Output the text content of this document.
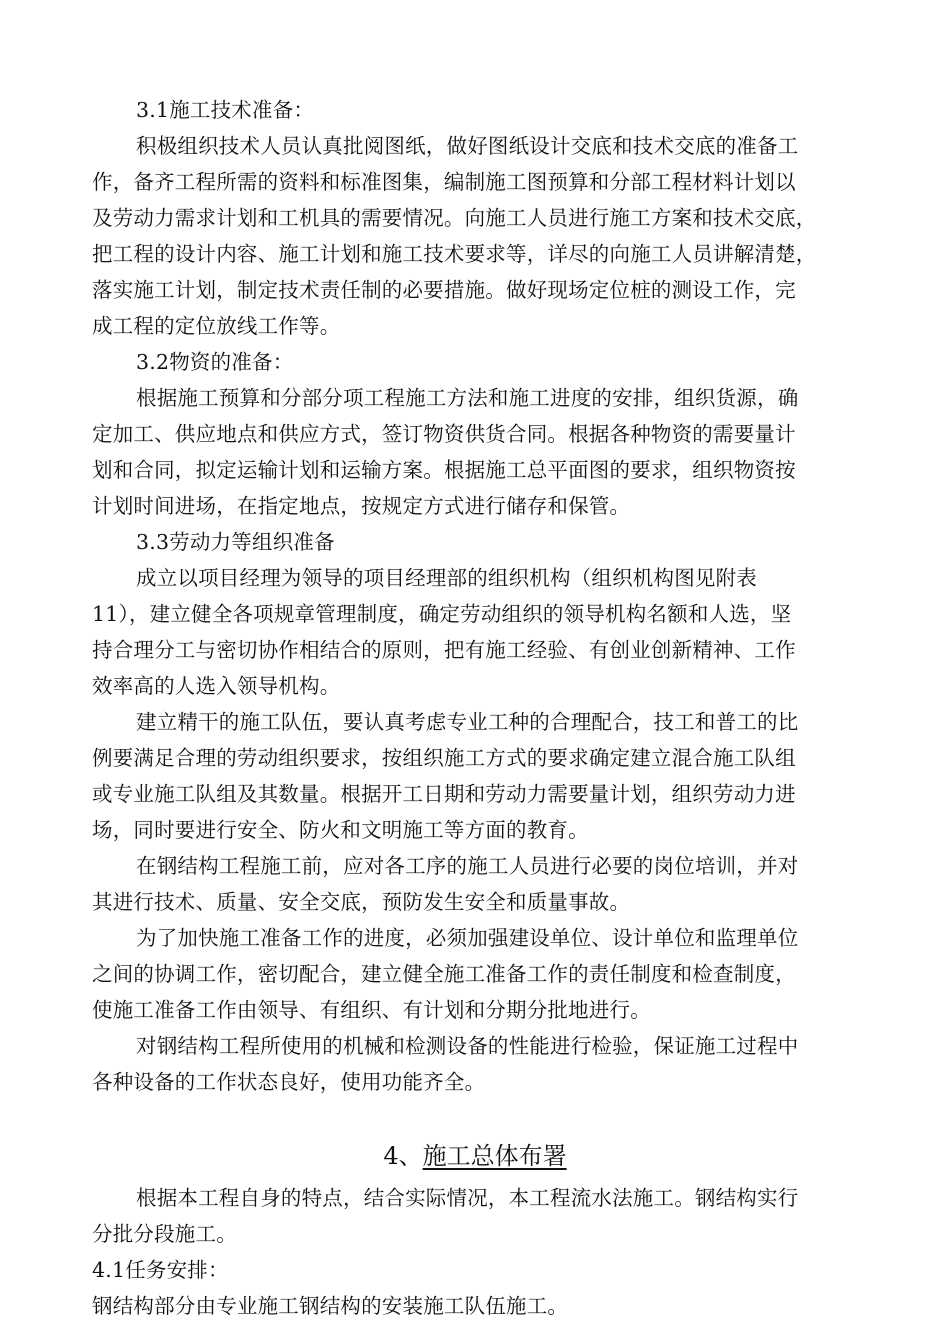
3.1施工技术准备：
积极组织技术人员认真批阅图纸，做好图纸设计交底和技术交底的准备工
作，备齐工程所需的资料和标准图集，编制施工图预算和分部工程材料计划以
及劳动力需求计划和工机具的需要情况。向施工人员进行施工方案和技术交底，
把工程的设计内容、施工计划和施工技术要求等，详尽的向施工人员讲解清楚，
落实施工计划，制定技术责任制的必要措施。做好现场定位桩的测设工作，完
成工程的定位放线工作等。
3.2物资的准备：
根据施工预算和分部分项工程施工方法和施工进度的安排，组织货源，确
定加工、供应地点和供应方式，签订物资供货合同。根据各种物资的需要量计
划和合同，拟定运输计划和运输方案。根据施工总平面图的要求，组织物资按
计划时间进场，在指定地点，按规定方式进行储存和保管。
3.3劳动力等组织准备
成立以项目经理为领导的项目经理部的组织机构（组织机构图见附表
11），建立健全各项规章管理制度，确定劳动组织的领导机构名额和人选，坚
持合理分工与密切协作相结合的原则，把有施工经验、有创业创新精神、工作
效率高的人选入领导机构。
建立精干的施工队伍，要认真考虑专业工种的合理配合，技工和普工的比
例要满足合理的劳动组织要求，按组织施工方式的要求确定建立混合施工队组
或专业施工队组及其数量。根据开工日期和劳动力需要量计划，组织劳动力进
场，同时要进行安全、防火和文明施工等方面的教育。
在钢结构工程施工前，应对各工序的施工人员进行必要的岗位培训，并对
其进行技术、质量、安全交底，预防发生安全和质量事故。
为了加快施工准备工作的进度，必须加强建设单位、设计单位和监理单位
之间的协调工作，密切配合，建立健全施工准备工作的责任制度和检查制度，
使施工准备工作由领导、有组织、有计划和分期分批地进行。
对钢结构工程所使用的机械和检测设备的性能进行检验，保证施工过程中
各种设备的工作状态良好，使用功能齐全。
4、施工总体布署
根据本工程自身的特点，结合实际情况，本工程流水法施工。钢结构实行
分批分段施工。
4.1任务安排：
钢结构部分由专业施工钢结构的安装施工队伍施工。
